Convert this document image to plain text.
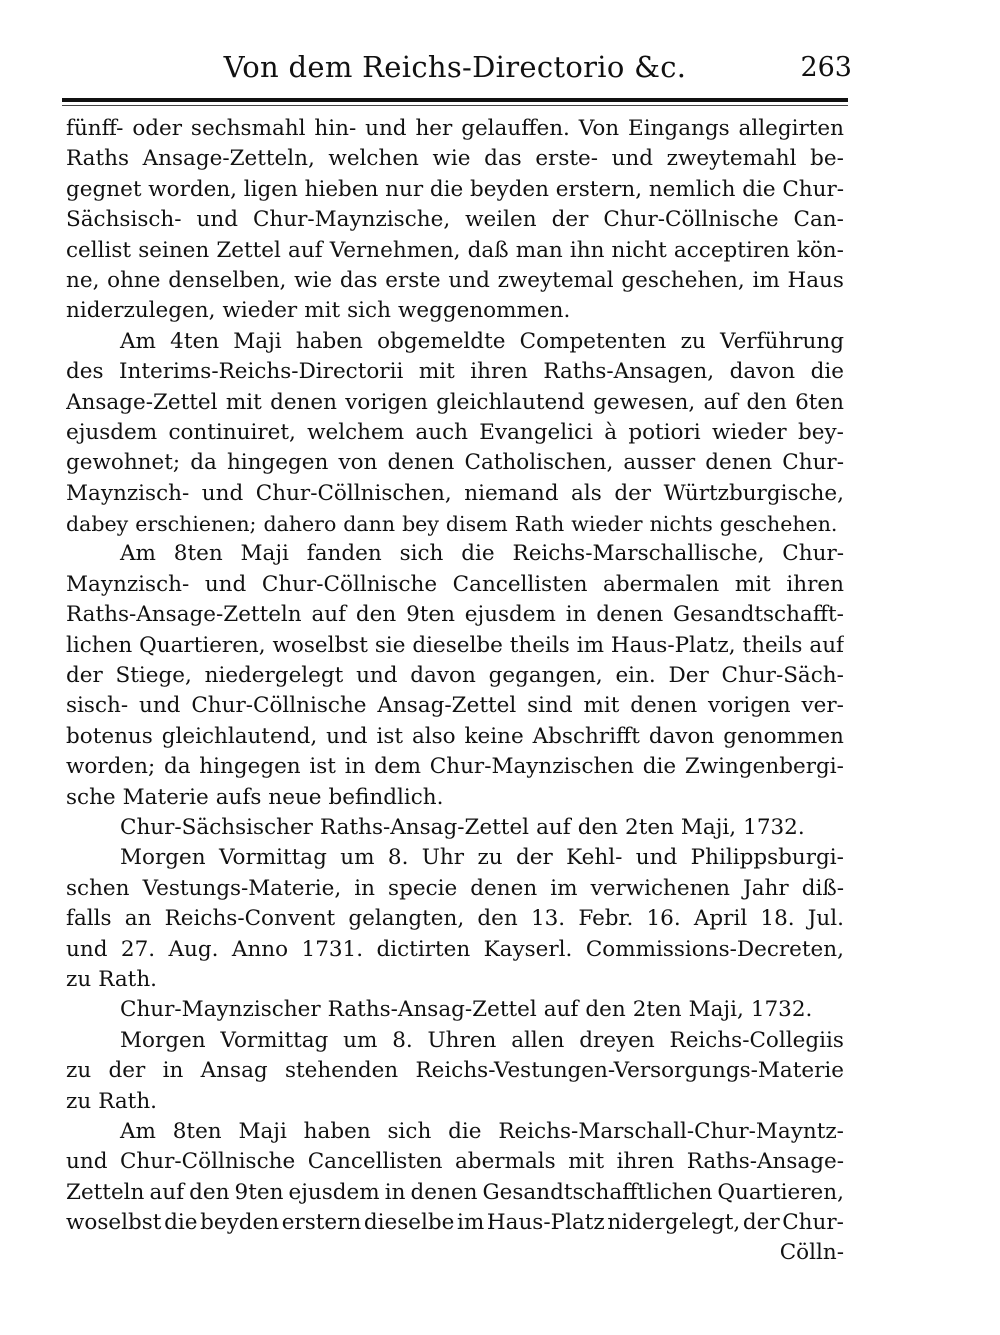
Von dem Reichs-Directorio &c.	263
fünff- oder sechsmahl hin- und her gelauffen. Von Eingangs allegirten
Raths Ansage-Zetteln, welchen wie das erste- und zweytemahl be-
gegnet worden, ligen hieben nur die beyden erstern, nemlich die Chur-
Sächsisch- und Chur-Maynzische, weilen der Chur-Cöllnische Can-
cellist seinen Zettel auf Vernehmen, daß man ihn nicht acceptiren kön-
ne, ohne denselben, wie das erste und zweytemal geschehen, im Haus
niderzulegen, wieder mit sich weggenommen.
Am 4ten Maji haben obgemeldte Competenten zu Verführung
des Interims-Reichs-Directorii mit ihren Raths-Ansagen, davon die
Ansage-Zettel mit denen vorigen gleichlautend gewesen, auf den 6ten
ejusdem continuiret, welchem auch Evangelici à potiori wieder bey-
gewohnet; da hingegen von denen Catholischen, ausser denen Chur-
Maynzisch- und Chur-Cöllnischen, niemand als der Würtzburgische,
dabey erschienen; dahero dann bey disem Rath wieder nichts geschehen.
Am 8ten Maji fanden sich die Reichs-Marschallische, Chur-
Maynzisch- und Chur-Cöllnische Cancellisten abermalen mit ihren
Raths-Ansage-Zetteln auf den 9ten ejusdem in denen Gesandtschafft-
lichen Quartieren, woselbst sie dieselbe theils im Haus-Platz, theils auf
der Stiege, niedergelegt und davon gegangen, ein. Der Chur-Säch-
sisch- und Chur-Cöllnische Ansag-Zettel sind mit denen vorigen ver-
botenus gleichlautend, und ist also keine Abschrifft davon genommen
worden; da hingegen ist in dem Chur-Maynzischen die Zwingenbergi-
sche Materie aufs neue befindlich.
Chur-Sächsischer Raths-Ansag-Zettel auf den 2ten Maji, 1732.
Morgen Vormittag um 8. Uhr zu der Kehl- und Philippsburgi-
schen Vestungs-Materie, in specie denen im verwichenen Jahr diß-
falls an Reichs-Convent gelangten, den 13. Febr. 16. April 18. Jul.
und 27. Aug. Anno 1731. dictirten Kayserl. Commissions-Decreten,
zu Rath.
Chur-Maynzischer Raths-Ansag-Zettel auf den 2ten Maji, 1732.
Morgen Vormittag um 8. Uhren allen dreyen Reichs-Collegiis
zu der in Ansag stehenden Reichs-Vestungen-Versorgungs-Materie
zu Rath.
Am 8ten Maji haben sich die Reichs-Marschall-Chur-Mayntz-
und Chur-Cöllnische Cancellisten abermals mit ihren Raths-Ansage-
Zetteln auf den 9ten ejusdem in denen Gesandtschafftlichen Quartieren,
woselbst die beyden erstern dieselbe im Haus-Platz nidergelegt, der Chur-
Cölln-
